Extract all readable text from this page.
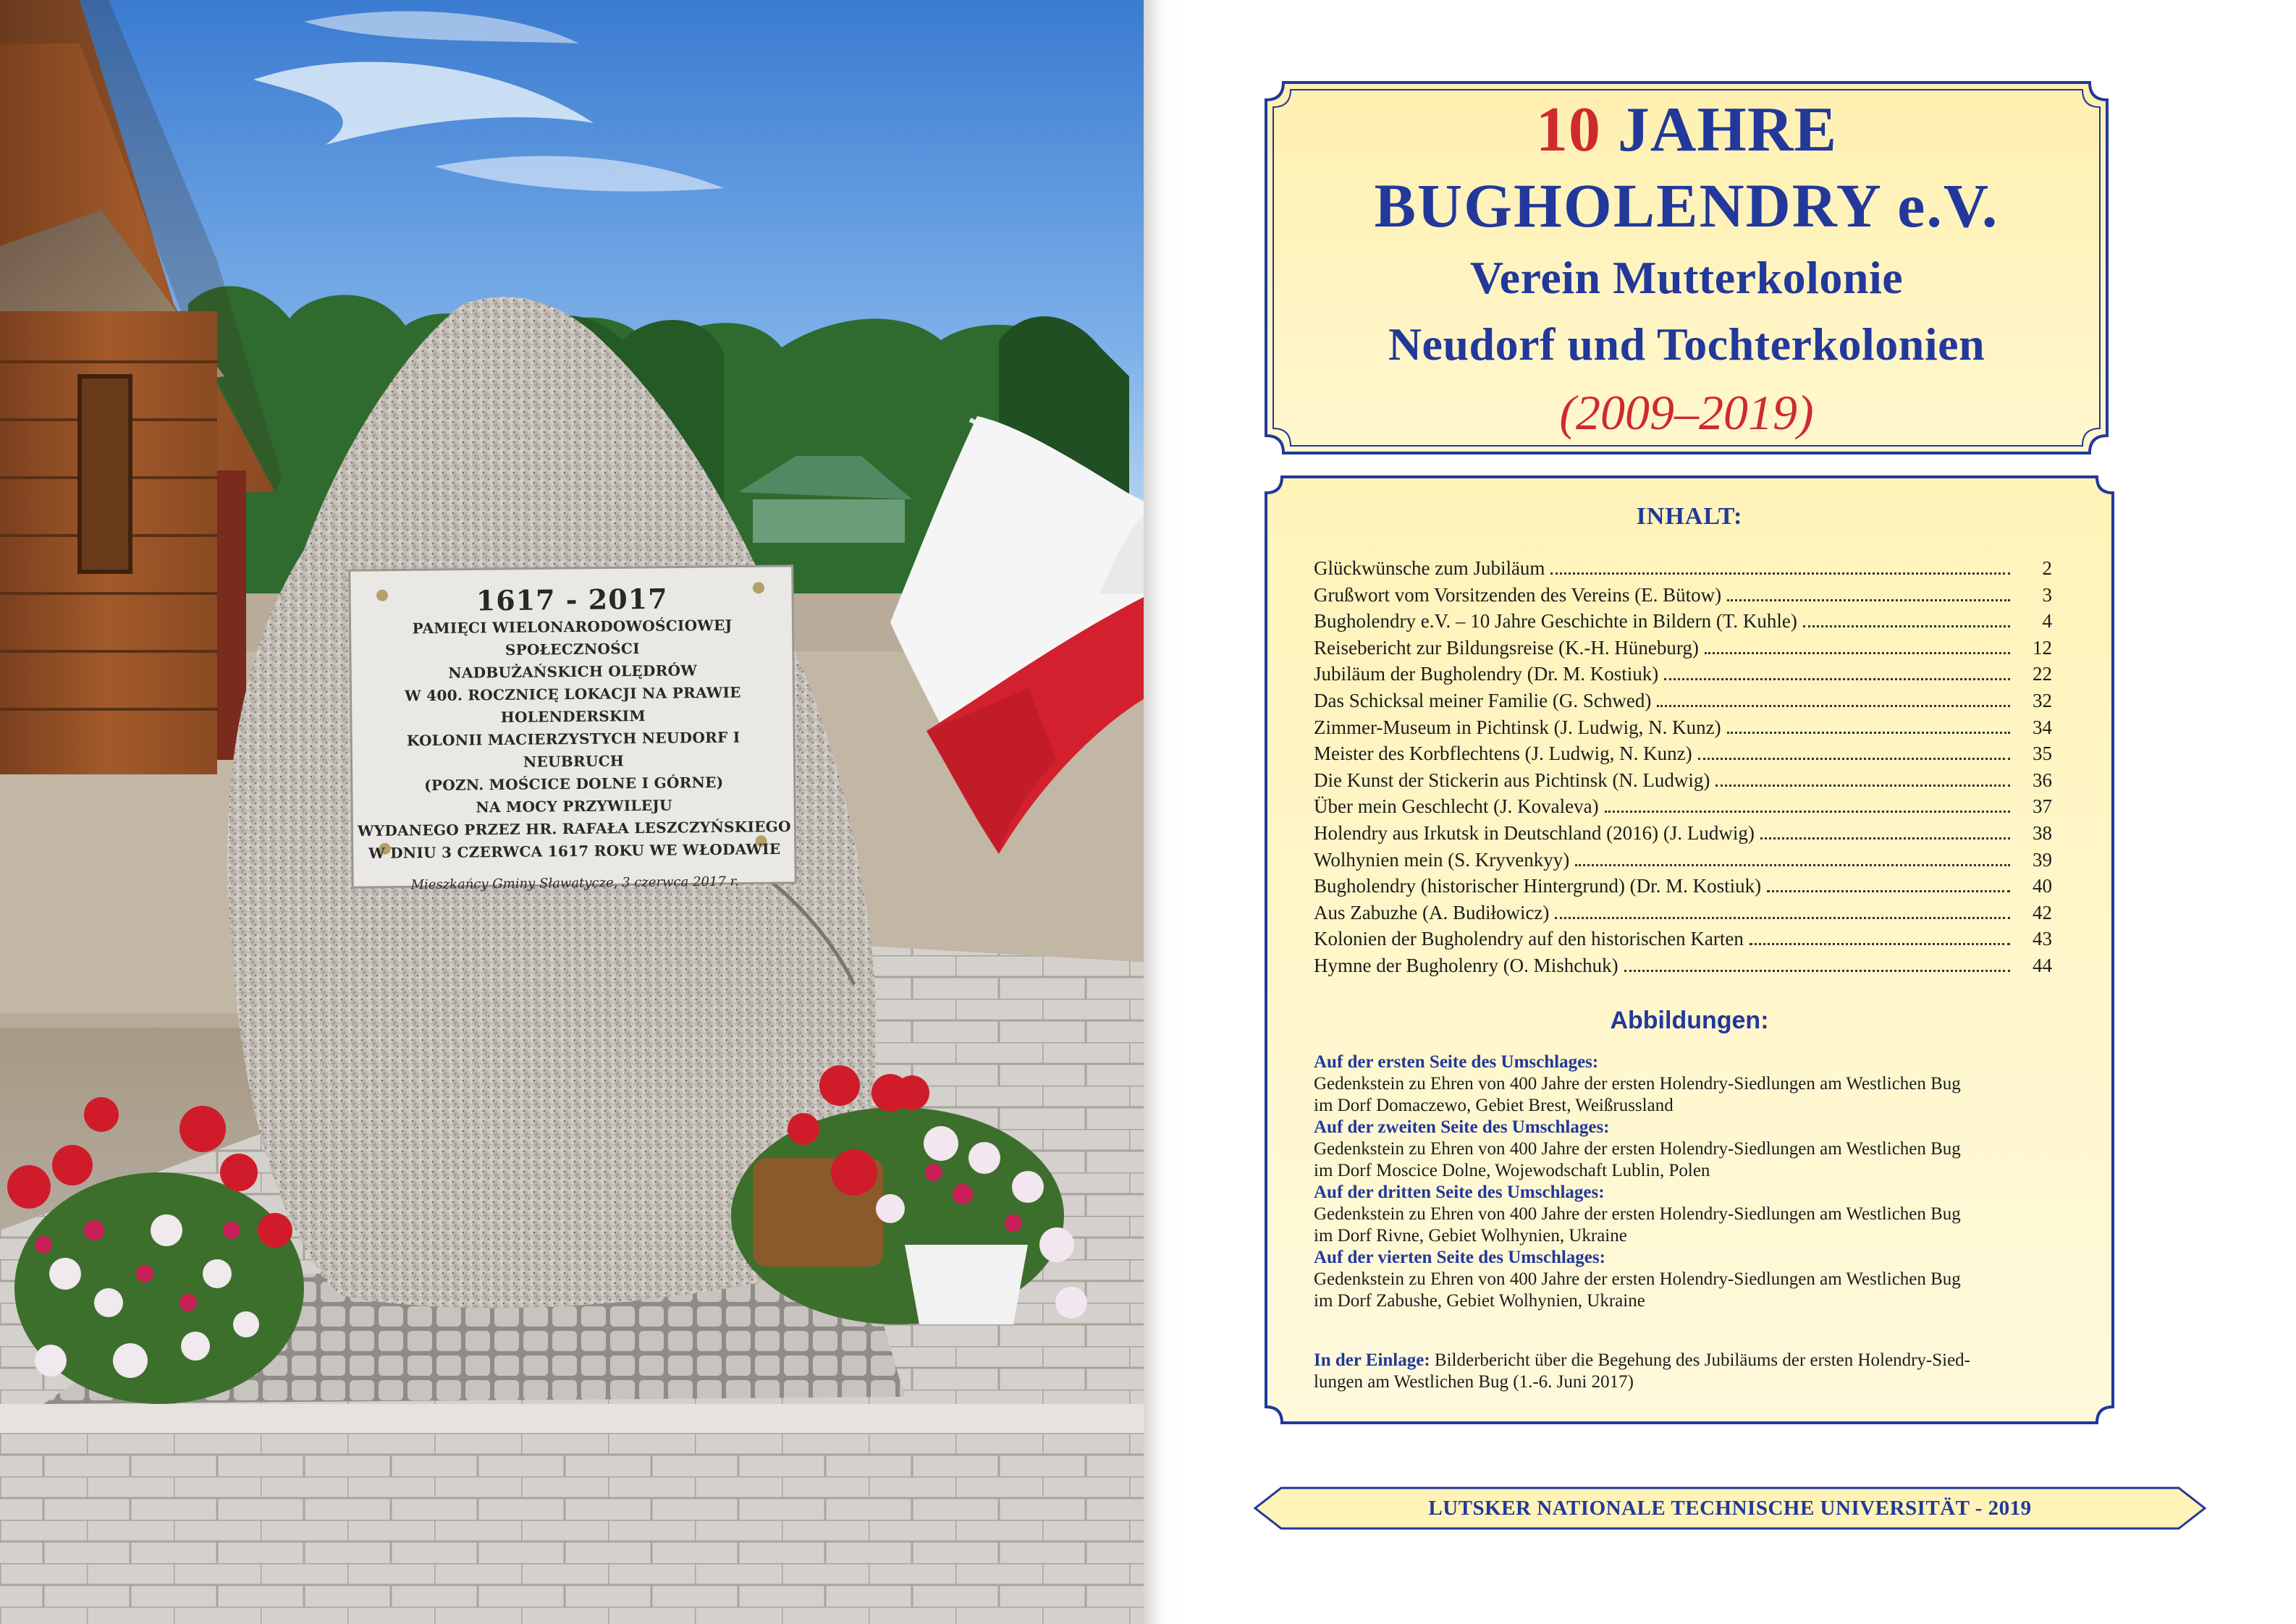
1617 - 2017
PAMIĘCI WIELONARODOWOŚCIOWEJ SPOŁECZNOŚCI
NADBUŻAŃSKICH OLĘDRÓW
W 400. ROCZNICĘ LOKACJI NA PRAWIE HOLENDERSKIM
KOLONII MACIERZYSTYCH NEUDORF I NEUBRUCH
(POZN. MOŚCICE DOLNE I GÓRNE)
NA MOCY PRZYWILEJU
WYDANEGO PRZEZ HR. RAFAŁA LESZCZYŃSKIEGO
W DNIU 3 CZERWCA 1617 ROKU WE WŁODAWIE
Mieszkańcy Gminy Sławatycze, 3 czerwca 2017 r.
10 JAHRE
BUGHOLENDRY e.V.
Verein Mutterkolonie
Neudorf und Tochterkolonien
(2009–2019)
INHALT:
Glückwünsche zum Jubiläum	2
Grußwort vom Vorsitzenden des Vereins (E. Bütow)	3
Bugholendry e.V. – 10 Jahre Geschichte in Bildern (T. Kuhle)	4
Reisebericht zur Bildungsreise (K.-H. Hüneburg)	12
Jubiläum der Bugholendry (Dr. M. Kostiuk)	22
Das Schicksal meiner Familie (G. Schwed)	32
Zimmer-Museum in Pichtinsk (J. Ludwig, N. Kunz)	34
Meister des Korbflechtens (J. Ludwig, N. Kunz)	35
Die Kunst der Stickerin aus Pichtinsk (N. Ludwig)	36
Über mein Geschlecht (J. Kovaleva)	37
Holendry aus Irkutsk in Deutschland (2016) (J. Ludwig)	38
Wolhynien mein (S. Kryvenkyy)	39
Bugholendry (historischer Hintergrund) (Dr. M. Kostiuk)	40
Aus Zabuzhe (A. Budiłowicz)	42
Kolonien der Bugholendry auf den historischen Karten	43
Hymne der Bugholenry (O. Mishchuk)	44
Abbildungen:
Auf der ersten Seite des Umschlages:
Gedenkstein zu Ehren von 400 Jahre der ersten Holendry-Siedlungen am Westlichen Bug
im Dorf Domaczewo, Gebiet Brest, Weißrussland
Auf der zweiten Seite des Umschlages:
Gedenkstein zu Ehren von 400 Jahre der ersten Holendry-Siedlungen am Westlichen Bug
im Dorf Moscice Dolne, Wojewodschaft Lublin, Polen
Auf der dritten Seite des Umschlages:
Gedenkstein zu Ehren von 400 Jahre der ersten Holendry-Siedlungen am Westlichen Bug
im Dorf Rivne, Gebiet Wolhynien, Ukraine
Auf der vierten Seite des Umschlages:
Gedenkstein zu Ehren von 400 Jahre der ersten Holendry-Siedlungen am Westlichen Bug
im Dorf Zabushe, Gebiet Wolhynien, Ukraine
In der Einlage: Bilderbericht über die Begehung des Jubiläums der ersten Holendry-Sied-
lungen am Westlichen Bug (1.-6. Juni 2017)
LUTSKER NATIONALE TECHNISCHE UNIVERSITÄT - 2019
